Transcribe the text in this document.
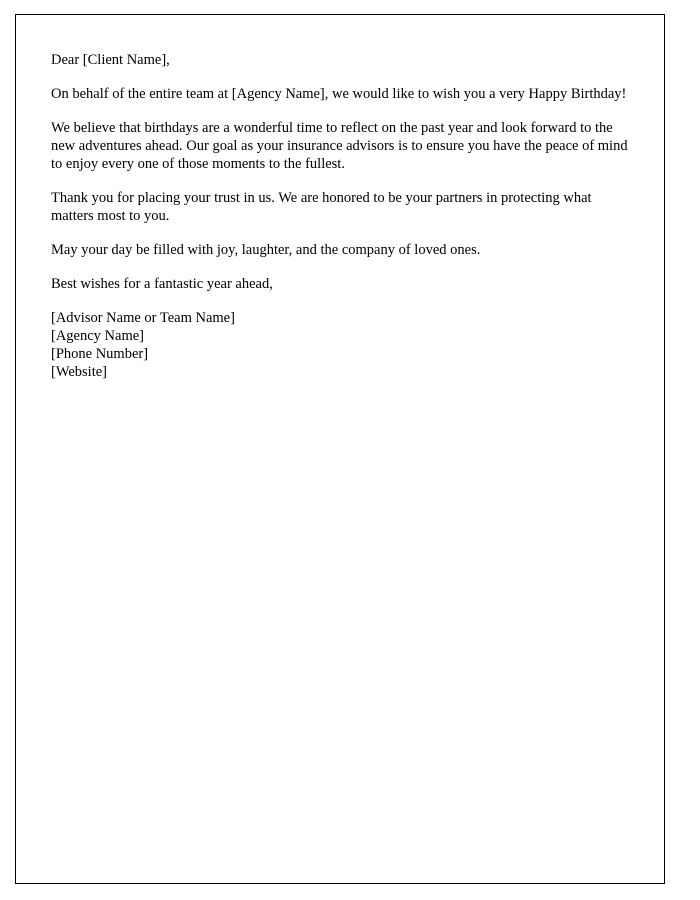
Dear [Client Name],

On behalf of the entire team at [Agency Name], we would like to wish you a very Happy Birthday!

We believe that birthdays are a wonderful time to reflect on the past year and look forward to the new adventures ahead. Our goal as your insurance advisors is to ensure you have the peace of mind to enjoy every one of those moments to the fullest.

Thank you for placing your trust in us. We are honored to be your partners in protecting what matters most to you.

May your day be filled with joy, laughter, and the company of loved ones.

Best wishes for a fantastic year ahead,

[Advisor Name or Team Name]

[Agency Name]

[Phone Number]

[Website]
